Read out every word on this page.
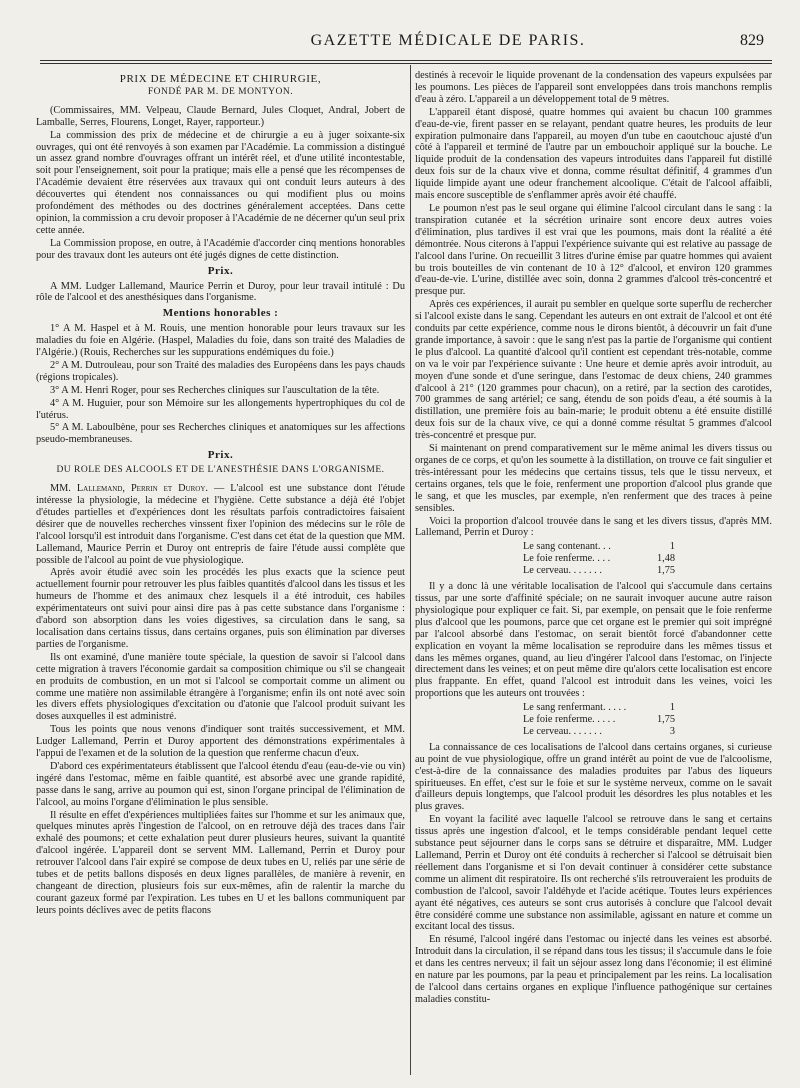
GAZETTE MÉDICALE DE PARIS.	829

PRIX DE MÉDECINE ET CHIRURGIE,

FONDÉ PAR M. DE MONTYON.

(Commissaires, MM. Velpeau, Claude Bernard, Jules Cloquet, Andral, Jobert de Lamballe, Serres, Flourens, Longet, Rayer, rapporteur.)

La commission des prix de médecine et de chirurgie a eu à juger soixante-six ouvrages, qui ont été renvoyés à son examen par l'Académie. La commission a distingué un assez grand nombre d'ouvrages offrant un intérêt réel, et d'une utilité incontestable, soit pour l'enseignement, soit pour la pratique; mais elle a pensé que les récompenses de l'Académie devaient être réservées aux travaux qui ont conduit leurs auteurs à des découvertes qui étendent nos connaissances ou qui modifient plus ou moins profondément des méthodes ou des doctrines généralement acceptées. Dans cette opinion, la commission a cru devoir proposer à l'Académie de ne décerner qu'un seul prix cette année.

La Commission propose, en outre, à l'Académie d'accorder cinq mentions honorables pour des travaux dont les auteurs ont été jugés dignes de cette distinction.

Prix.

A MM. Ludger Lallemand, Maurice Perrin et Duroy, pour leur travail intitulé : Du rôle de l'alcool et des anesthésiques dans l'organisme.

Mentions honorables :

1° A M. Haspel et à M. Rouis, une mention honorable pour leurs travaux sur les maladies du foie en Algérie. (Haspel, Maladies du foie, dans son traité des Maladies de l'Algérie.) (Rouis, Recherches sur les suppurations endémiques du foie.)

2° A M. Dutrouleau, pour son Traité des maladies des Européens dans les pays chauds (régions tropicales).

3° A M. Henri Roger, pour ses Recherches cliniques sur l'auscultation de la tête.

4° A M. Huguier, pour son Mémoire sur les allongements hypertrophiques du col de l'utérus.

5° A M. Laboulbène, pour ses Recherches cliniques et anatomiques sur les affections pseudo-membraneuses.

Prix.

DU ROLE DES ALCOOLS ET DE L'ANESTHÉSIE DANS L'ORGANISME.

MM. Lallemand, Perrin et Duroy. — L'alcool est une substance dont l'étude intéresse la physiologie, la médecine et l'hygiène. Cette substance a déjà été l'objet d'études partielles et d'expériences dont les résultats parfois contradictoires faisaient désirer que de nouvelles recherches vinssent fixer l'opinion des médecins sur le rôle de l'alcool lorsqu'il est introduit dans l'organisme. C'est dans cet état de la question que MM. Lallemand, Maurice Perrin et Duroy ont entrepris de faire l'étude aussi complète que possible de l'alcool au point de vue physiologique.

Après avoir étudié avec soin les procédés les plus exacts que la science peut actuellement fournir pour retrouver les plus faibles quantités d'alcool dans les tissus et les humeurs de l'homme et des animaux chez lesquels il a été introduit, ces habiles expérimentateurs ont suivi pour ainsi dire pas à pas cette substance dans l'organisme : d'abord son absorption dans les voies digestives, sa circulation dans le sang, sa localisation dans certains tissus, dans certains organes, puis son élimination par diverses parties de l'organisme.

Ils ont examiné, d'une manière toute spéciale, la question de savoir si l'alcool dans cette migration à travers l'économie gardait sa composition chimique ou s'il se changeait en produits de combustion, en un mot si l'alcool se comportait comme un aliment ou comme une matière non assimilable étrangère à l'organisme; enfin ils ont noté avec soin les divers effets physiologiques d'excitation ou d'atonie que l'alcool produit suivant les doses auxquelles il est administré.

Tous les points que nous venons d'indiquer sont traités successivement, et MM. Ludger Lallemand, Perrin et Duroy apportent des démonstrations expérimentales à l'appui de l'examen et de la solution de la question que renferme chacun d'eux.

D'abord ces expérimentateurs établissent que l'alcool étendu d'eau (eau-de-vie ou vin) ingéré dans l'estomac, même en faible quantité, est absorbé avec une grande rapidité, passe dans le sang, arrive au poumon qui est, sinon l'organe principal de l'élimination de l'alcool, au moins l'organe d'élimination le plus sensible.

Il résulte en effet d'expériences multipliées faites sur l'homme et sur les animaux que, quelques minutes après l'ingestion de l'alcool, on en retrouve déjà des traces dans l'air exhalé des poumons; et cette exhalation peut durer plusieurs heures, suivant la quantité d'alcool ingérée. L'appareil dont se servent MM. Lallemand, Perrin et Duroy pour retrouver l'alcool dans l'air expiré se compose de deux tubes en U, reliés par une série de tubes et de petits ballons disposés en deux lignes parallèles, de manière à revenir, en changeant de direction, plusieurs fois sur eux-mêmes, afin de ralentir la marche du courant gazeux formé par l'expiration. Les tubes en U et les ballons communiquent par leurs points déclives avec de petits flacons

destinés à recevoir le liquide provenant de la condensation des vapeurs expulsées par les poumons. Les pièces de l'appareil sont enveloppées dans trois manchons remplis d'eau à zéro. L'appareil a un développement total de 9 mètres.

L'appareil étant disposé, quatre hommes qui avaient bu chacun 100 grammes d'eau-de-vie, firent passer en se relayant, pendant quatre heures, les produits de leur expiration pulmonaire dans l'appareil, au moyen d'un tube en caoutchouc ajusté d'un côté à l'appareil et terminé de l'autre par un embouchoir appliqué sur la bouche. Le liquide produit de la condensation des vapeurs introduites dans l'appareil fut distillé deux fois sur de la chaux vive et donna, comme résultat définitif, 4 grammes d'un liquide limpide ayant une odeur franchement alcoolique. C'était de l'alcool affaibli, mais encore susceptible de s'enflammer après avoir été chauffé.

Le poumon n'est pas le seul organe qui élimine l'alcool circulant dans le sang : la transpiration cutanée et la sécrétion urinaire sont encore deux autres voies d'élimination, plus tardives il est vrai que les poumons, mais dont la réalité a été démontrée. Nous citerons à l'appui l'expérience suivante qui est relative au passage de l'alcool dans l'urine. On recueillit 3 litres d'urine émise par quatre hommes qui avaient bu trois bouteilles de vin contenant de 10 à 12° d'alcool, et environ 120 grammes d'eau-de-vie. L'urine, distillée avec soin, donna 2 grammes d'alcool très-concentré et presque pur.

Après ces expériences, il aurait pu sembler en quelque sorte superflu de rechercher si l'alcool existe dans le sang. Cependant les auteurs en ont extrait de l'alcool et ont été conduits par cette expérience, comme nous le dirons bientôt, à découvrir un fait d'une grande importance, à savoir : que le sang n'est pas la partie de l'organisme qui contient le plus d'alcool. La quantité d'alcool qu'il contient est cependant très-notable, comme on va le voir par l'expérience suivante : Une heure et demie après avoir introduit, au moyen d'une sonde et d'une seringue, dans l'estomac de deux chiens, 240 grammes d'alcool à 21° (120 grammes pour chacun), on a retiré, par la section des carotides, 700 grammes de sang artériel; ce sang, étendu de son poids d'eau, a été soumis à la distillation, une première fois au bain-marie; le produit obtenu a été ensuite distillé deux fois sur de la chaux vive, ce qui a donné comme résultat 5 grammes d'alcool très-concentré et presque pur.

Si maintenant on prend comparativement sur le même animal les divers tissus ou organes de ce corps, et qu'on les soumette à la distillation, on trouve ce fait singulier et très-intéressant pour les médecins que certains tissus, tels que le tissu nerveux, et certains organes, tels que le foie, renferment une proportion d'alcool plus grande que le sang, et que les muscles, par exemple, n'en renferment que des traces à peine sensibles.

Voici la proportion d'alcool trouvée dans le sang et les divers tissus, d'après MM. Lallemand, Perrin et Duroy :

Le sang contenant. . .	1
Le foie renferme. . . .	1,48
Le cerveau. . . . . . .	1,75

Il y a donc là une véritable localisation de l'alcool qui s'accumule dans certains tissus, par une sorte d'affinité spéciale; on ne saurait invoquer aucune autre raison physiologique pour expliquer ce fait. Si, par exemple, on pensait que le foie renferme plus d'alcool que les poumons, parce que cet organe est le premier qui soit imprégné par l'alcool absorbé dans l'estomac, on serait bientôt forcé d'abandonner cette explication en voyant la même localisation se reproduire dans les mêmes tissus et dans les mêmes organes, quand, au lieu d'ingérer l'alcool dans l'estomac, on l'injecte directement dans les veines; et on peut même dire qu'alors cette localisation est encore plus frappante. En effet, quand l'alcool est introduit dans les veines, voici les proportions que les auteurs ont trouvées :

Le sang renfermant. . . . .	1
Le foie renferme. . . . .	1,75
Le cerveau. . . . . . .	3

La connaissance de ces localisations de l'alcool dans certains organes, si curieuse au point de vue physiologique, offre un grand intérêt au point de vue de l'alcoolisme, c'est-à-dire de la connaissance des maladies produites par l'abus des liqueurs spiritueuses. En effet, c'est sur le foie et sur le système nerveux, comme on le savait d'ailleurs depuis longtemps, que l'alcool produit les désordres les plus notables et les plus graves.

En voyant la facilité avec laquelle l'alcool se retrouve dans le sang et certains tissus après une ingestion d'alcool, et le temps considérable pendant lequel cette substance peut séjourner dans le corps sans se détruire et disparaître, MM. Ludger Lallemand, Perrin et Duroy ont été conduits à rechercher si l'alcool se détruisait bien réellement dans l'organisme et si l'on devait continuer à considérer cette substance comme un aliment dit respiratoire. Ils ont recherché s'ils retrouveraient les produits de combustion de l'alcool, savoir l'aldéhyde et l'acide acétique. Toutes leurs expériences ayant été négatives, ces auteurs se sont crus autorisés à conclure que l'alcool devait être considéré comme une substance non assimilable, agissant en nature et comme un excitant local des tissus.

En résumé, l'alcool ingéré dans l'estomac ou injecté dans les veines est absorbé. Introduit dans la circulation, il se répand dans tous les tissus; il s'accumule dans le foie et dans les centres nerveux; il fait un séjour assez long dans l'économie; il est éliminé en nature par les poumons, par la peau et principalement par les reins. La localisation de l'alcool dans certains organes en explique l'influence pathogénique sur certaines maladies constitu-
